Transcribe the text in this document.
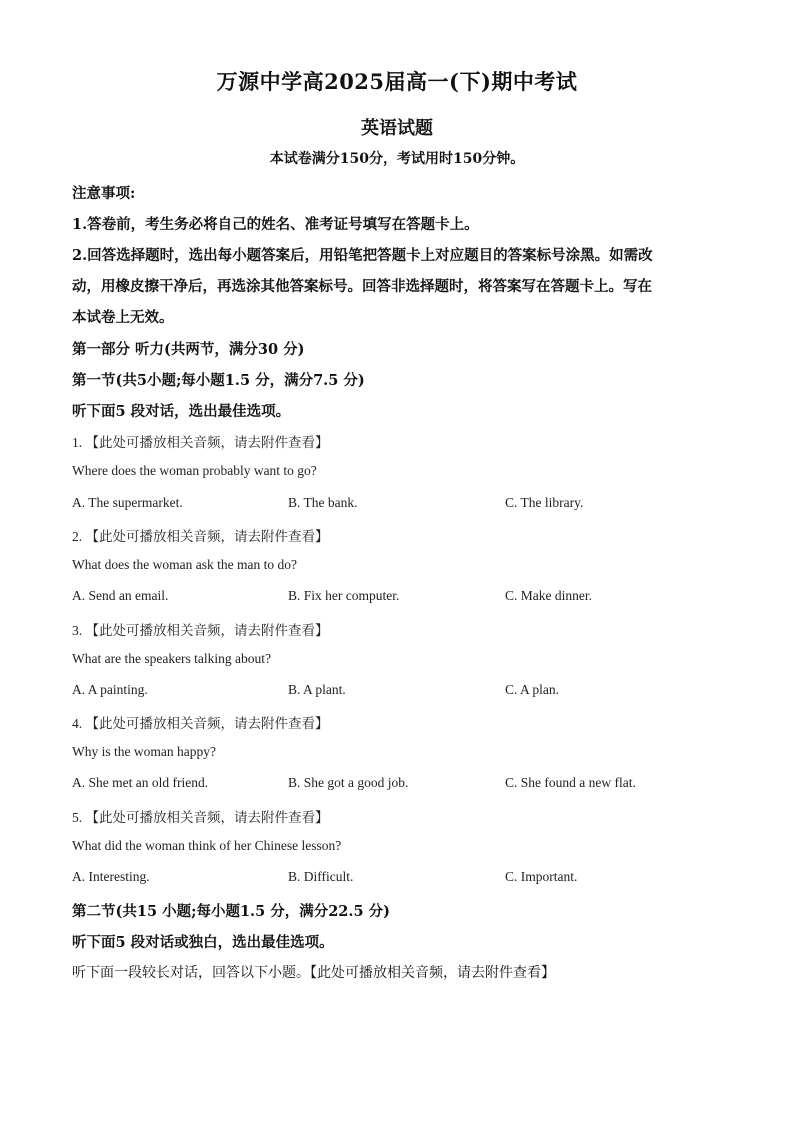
万源中学高2025届高一(下)期中考试
英语试题
本试卷满分150分，考试用时150分钟。
注意事项:
1.答卷前，考生务必将自己的姓名、准考证号填写在答题卡上。
2.回答选择题时，选出每小题答案后，用铅笔把答题卡上对应题目的答案标号涂黑。如需改
动，用橡皮擦干净后，再选涂其他答案标号。回答非选择题时，将答案写在答题卡上。写在
本试卷上无效。
第一部分 听力(共两节，满分30 分)
第一节(共5小题;每小题1.5 分，满分7.5 分)
听下面5 段对话，选出最佳选项。
1. 【此处可播放相关音频，请去附件查看】
Where does the woman probably want to go?
A. The supermarket.	B. The bank.	C. The library.
2. 【此处可播放相关音频，请去附件查看】
What does the woman ask the man to do?
A. Send an email.	B. Fix her computer.	C. Make dinner.
3. 【此处可播放相关音频，请去附件查看】
What are the speakers talking about?
A. A painting.	B. A plant.	C. A plan.
4. 【此处可播放相关音频，请去附件查看】
Why is the woman happy?
A. She met an old friend.	B. She got a good job.	C. She found a new flat.
5. 【此处可播放相关音频，请去附件查看】
What did the woman think of her Chinese lesson?
A. Interesting.	B. Difficult.	C. Important.
第二节(共15 小题;每小题1.5 分，满分22.5 分)
听下面5 段对话或独白，选出最佳选项。
听下面一段较长对话，回答以下小题。【此处可播放相关音频，请去附件查看】
